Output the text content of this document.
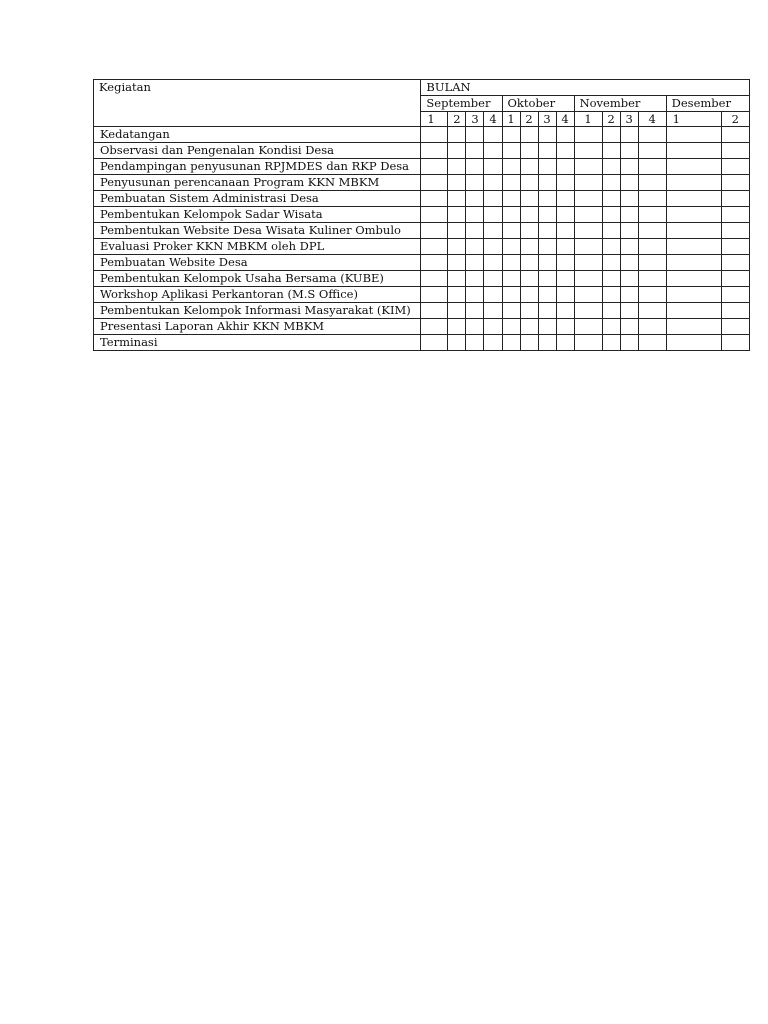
Kegiatan	BULAN													
	September				Oktober				November				Desember	
	1	2	3	4	1	2	3	4	1	2	3	4	1	2
Kedatangan														
Observasi dan Pengenalan Kondisi Desa														
Pendampingan penyusunan RPJMDES dan RKP Desa														
Penyusunan perencanaan Program KKN MBKM														
Pembuatan Sistem Administrasi Desa														
Pembentukan Kelompok Sadar Wisata														
Pembentukan Website Desa Wisata Kuliner Ombulo														
Evaluasi Proker KKN MBKM oleh DPL														
Pembuatan Website Desa														
Pembentukan Kelompok Usaha Bersama (KUBE)														
Workshop Aplikasi Perkantoran (M.S Office)														
Pembentukan Kelompok Informasi Masyarakat (KIM)														
Presentasi Laporan Akhir KKN MBKM														
Terminasi														
